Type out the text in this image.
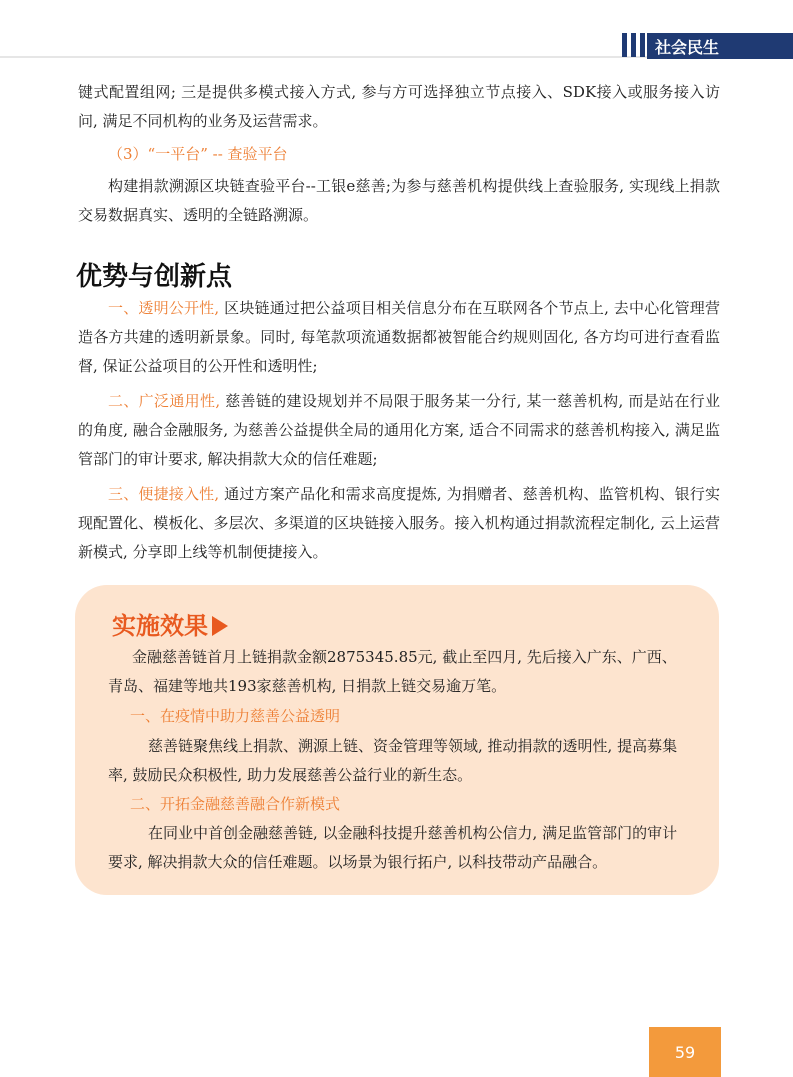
社会民生

键式配置组网; 三是提供多模式接入方式, 参与方可选择独立节点接入、SDK接入或服务接入访问, 满足不同机构的业务及运营需求。

（3）“一平台” -- 查验平台

构建捐款溯源区块链查验平台--工银e慈善;为参与慈善机构提供线上查验服务, 实现线上捐款交易数据真实、透明的全链路溯源。

优势与创新点

一、透明公开性, 区块链通过把公益项目相关信息分布在互联网各个节点上, 去中心化管理营造各方共建的透明新景象。同时, 每笔款项流通数据都被智能合约规则固化, 各方均可进行查看监督, 保证公益项目的公开性和透明性;

二、广泛通用性, 慈善链的建设规划并不局限于服务某一分行, 某一慈善机构, 而是站在行业的角度, 融合金融服务, 为慈善公益提供全局的通用化方案, 适合不同需求的慈善机构接入, 满足监管部门的审计要求, 解决捐款大众的信任难题;

三、便捷接入性, 通过方案产品化和需求高度提炼, 为捐赠者、慈善机构、监管机构、银行实现配置化、模板化、多层次、多渠道的区块链接入服务。接入机构通过捐款流程定制化, 云上运营新模式, 分享即上线等机制便捷接入。

实施效果

金融慈善链首月上链捐款金额2875345.85元, 截止至四月, 先后接入广东、广西、青岛、福建等地共193家慈善机构, 日捐款上链交易逾万笔。

一、在疫情中助力慈善公益透明

慈善链聚焦线上捐款、溯源上链、资金管理等领域, 推动捐款的透明性, 提高募集率, 鼓励民众积极性, 助力发展慈善公益行业的新生态。

二、开拓金融慈善融合作新模式

在同业中首创金融慈善链, 以金融科技提升慈善机构公信力, 满足监管部门的审计要求, 解决捐款大众的信任难题。以场景为银行拓户, 以科技带动产品融合。

59
